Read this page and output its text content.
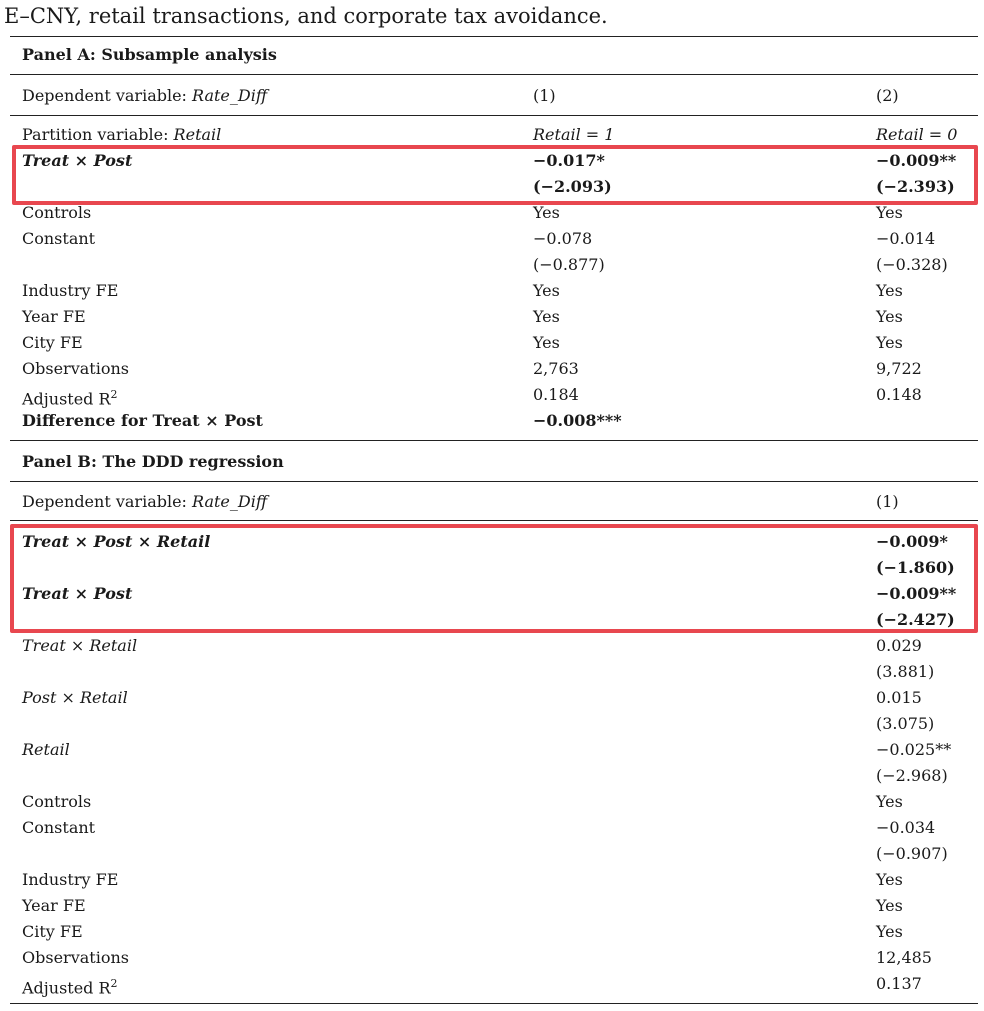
E–CNY, retail transactions, and corporate tax avoidance.
Panel A: Subsample analysis
Dependent variable: Rate_Diff	(1)	(2)
Partition variable: Retail	Retail = 1	Retail = 0
Treat × Post	−0.017*	−0.009**
(−2.093)	(−2.393)
Controls	Yes	Yes
Constant	−0.078	−0.014
(−0.877)	(−0.328)
Industry FE	Yes	Yes
Year FE	Yes	Yes
City FE	Yes	Yes
Observations	2,763	9,722
Adjusted $R^2$	0.184	0.148
Difference for Treat × Post	−0.008***
Panel B: The DDD regression
Dependent variable: Rate_Diff	(1)
Treat × Post × Retail	−0.009*
(−1.860)
Treat × Post	−0.009**
(−2.427)
Treat × Retail	0.029
(3.881)
Post × Retail	0.015
(3.075)
Retail	−0.025**
(−2.968)
Controls	Yes
Constant	−0.034
(−0.907)
Industry FE	Yes
Year FE	Yes
City FE	Yes
Observations	12,485
Adjusted $R^2$	0.137
